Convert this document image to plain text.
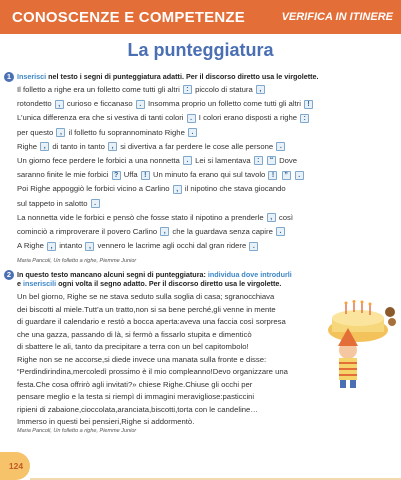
CONOSCENZE E COMPETENZE	VERIFICA IN ITINERE
La punteggiatura
1 Inserisci nel testo i segni di punteggiatura adatti. Per il discorso diretto usa le virgolette.
Il folletto a righe era un folletto come tutti gli altri : piccolo di statura ,
rotondetto , curioso e ficcanaso . Insomma proprio un folletto come tutti gli altri !
L’unica differenza era che si vestiva di tanti colori . I colori erano disposti a righe :
per questo , il folletto fu soprannominato Righe .
Righe , di tanto in tanto , si divertiva a far perdere le cose alle persone .
Un giorno fece perdere le forbici a una nonnetta . Lei si lamentava : “ Dove
saranno finite le mie forbici ? Uffa ! Un minuto fa erano qui sul tavolo ! ” .
Poi Righe appoggiò le forbici vicino a Carlino , il nipotino che stava giocando
sul tappeto in salotto .
La nonnetta vide le forbici e pensò che fosse stato il nipotino a prenderle , così
cominciò a rimproverare il povero Carlino , che la guardava senza capire .
A Righe , intanto , vennero le lacrime agli occhi dal gran ridere .
Maria Pancoli, Un folletto a righe, Piemme Junior
2 In questo testo mancano alcuni segni di punteggiatura: individua dove introdurli
e inseriscili ogni volta il segno adatto. Per il discorso diretto usa le virgolette.
Un bel giorno, Righe se ne stava seduto sulla soglia di casa; sgranocchiava
dei biscotti al miele.Tutt’a un tratto,non si sa bene perché,gli venne in mente
di guardare il calendario e restò a bocca aperta:aveva una faccia così sorpresa
che una gazza, passando di là, si fermò a fissarlo stupita e dimenticò
di sbattere le ali, tanto da precipitare a terra con un bel capitombolo!
Righe non se ne accorse,si diede invece una manata sulla fronte e disse:
“Perdindirindina,mercoledì prossimo è il mio compleanno!Devo organizzare una
festa.Che cosa offrirò agli invitati?» chiese Righe.Chiuse gli occhi per
pensare meglio e la testa si riempì di immagini meravigliose:pasticcini
ripieni di zabaione,cioccolata,aranciata,biscotti,torta con le candeline…
Immerso in questi bei pensieri,Righe si addormentò.
Maria Pancoli, Un folletto a righe, Piemme Junior
124
